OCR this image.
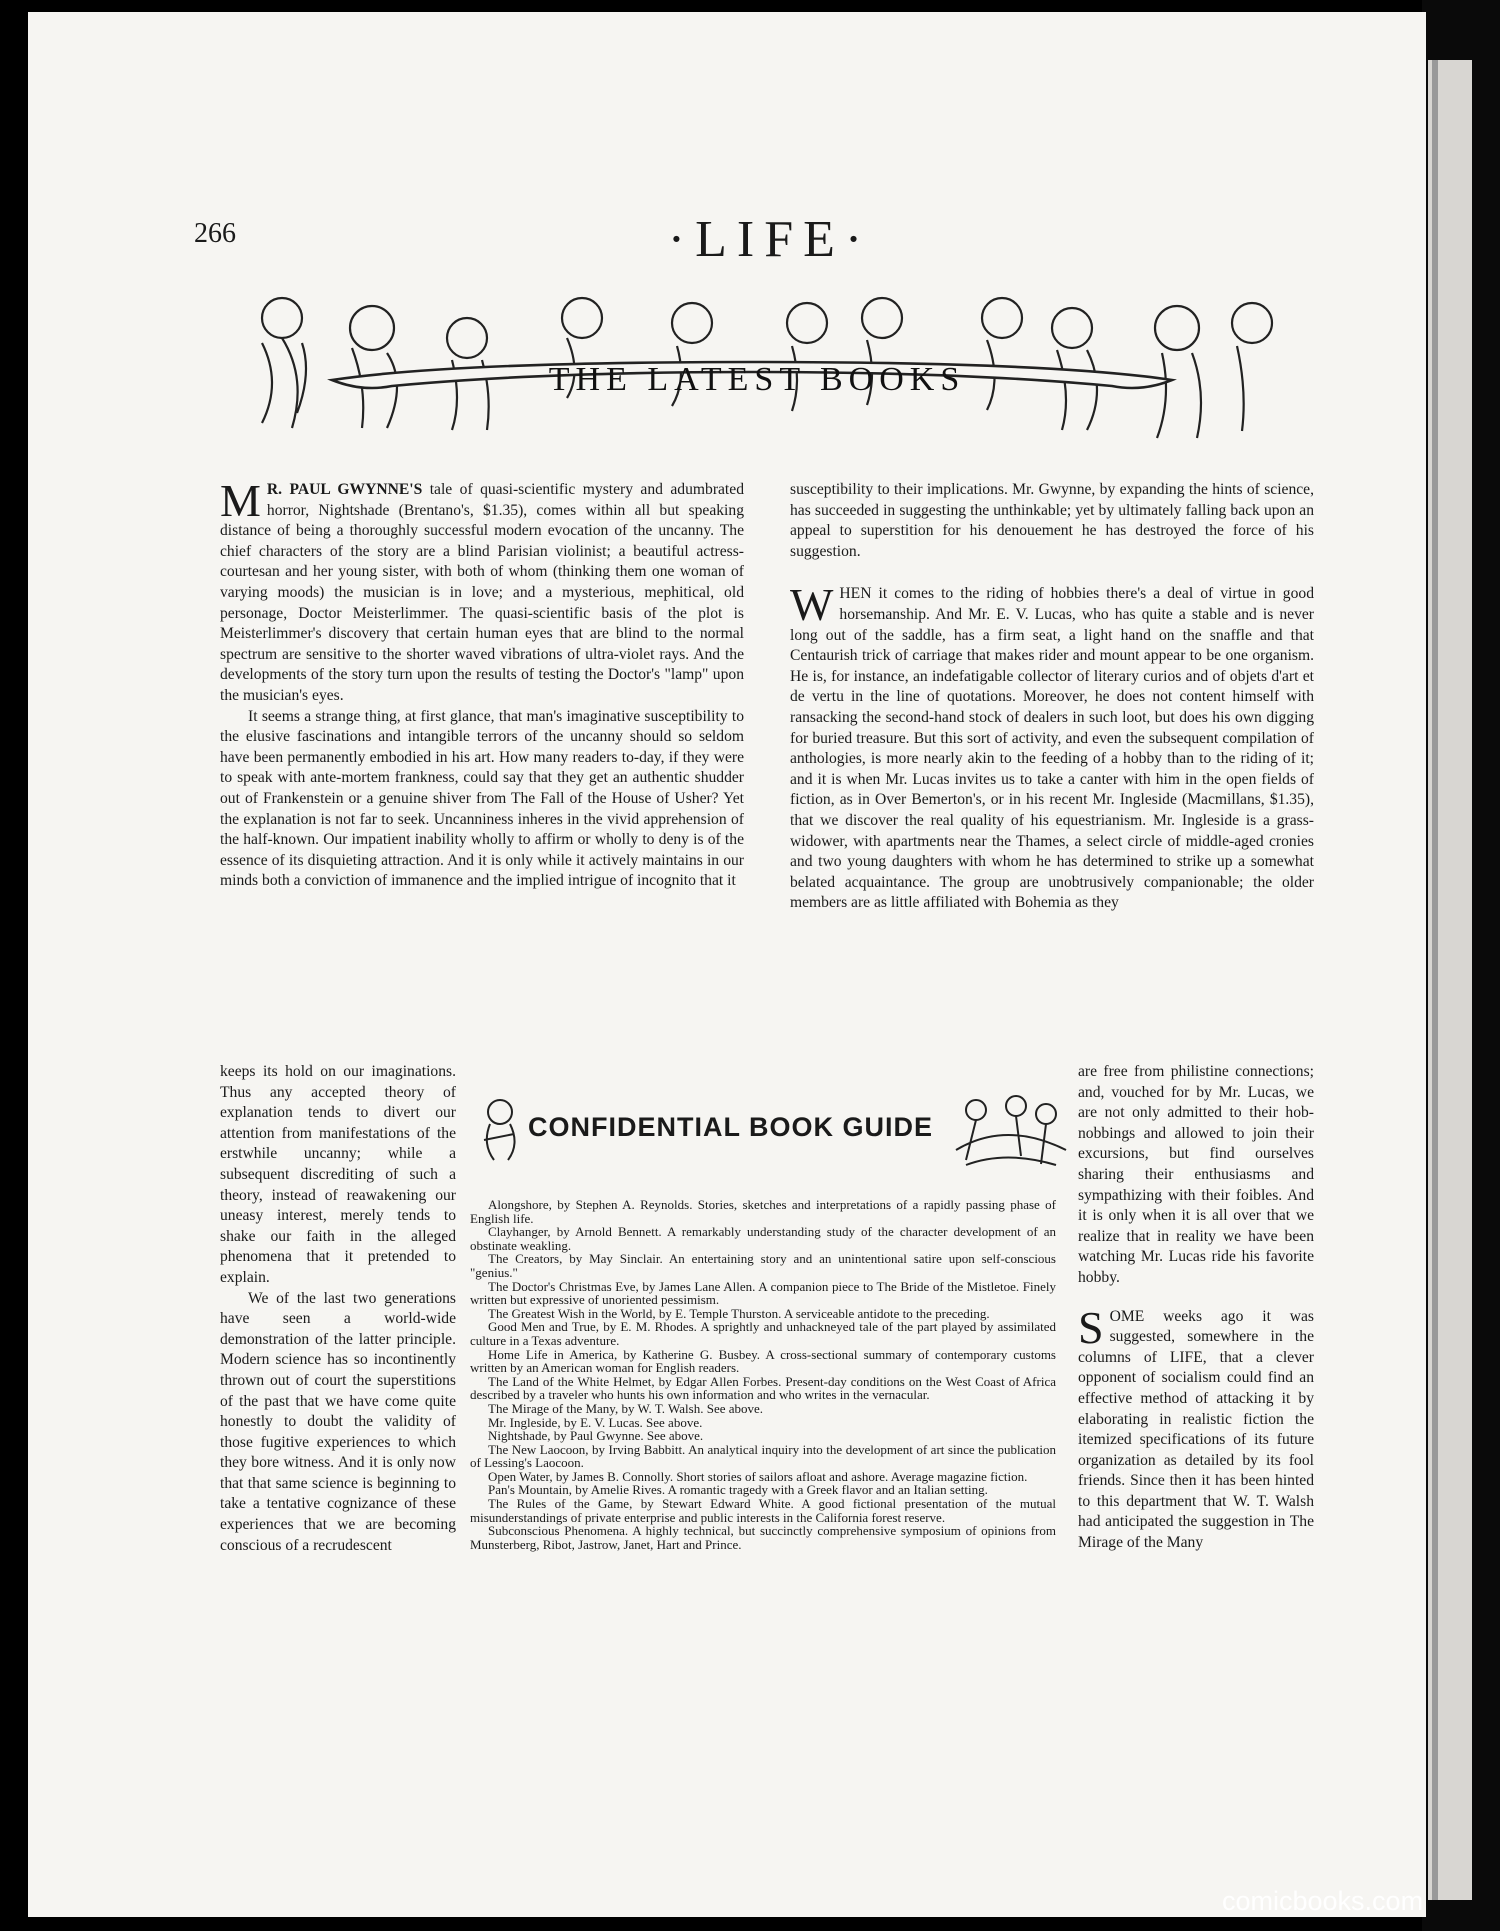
266	·LIFE·
THE LATEST BOOKS

M R. PAUL GWYNNE'S tale of quasi-scientific mystery and adumbrated horror, Nightshade (Brentano's, $1.35), comes within all but speaking distance of being a thoroughly successful modern evocation of the uncanny. The chief characters of the story are a blind Parisian violinist; a beautiful actress-courtesan and her young sister, with both of whom (thinking them one woman of varying moods) the musician is in love; and a mysterious, mephitical, old personage, Doctor Meisterlimmer. The quasi-scientific basis of the plot is Meisterlimmer's discovery that certain human eyes that are blind to the normal spectrum are sensitive to the shorter waved vibrations of ultra-violet rays. And the developments of the story turn upon the results of testing the Doctor's "lamp" upon the musician's eyes.

It seems a strange thing, at first glance, that man's imaginative susceptibility to the elusive fascinations and intangible terrors of the uncanny should so seldom have been permanently embodied in his art. How many readers to-day, if they were to speak with ante-mortem frankness, could say that they get an authentic shudder out of Frankenstein or a genuine shiver from The Fall of the House of Usher? Yet the explanation is not far to seek. Uncanniness inheres in the vivid apprehension of the half-known. Our impatient inability wholly to affirm or wholly to deny is of the essence of its disquieting attraction. And it is only while it actively maintains in our minds both a conviction of immanence and the implied intrigue of incognito that it

keeps its hold on our imaginations. Thus any accepted theory of explanation tends to divert our attention from manifestations of the erstwhile uncanny; while a subsequent discrediting of such a theory, instead of reawakening our uneasy interest, merely tends to shake our faith in the alleged phenomena that it pretended to explain.

We of the last two generations have seen a world-wide demonstration of the latter principle. Modern science has so incontinently thrown out of court the superstitions of the past that we have come quite honestly to doubt the validity of those fugitive experiences to which they bore witness. And it is only now that that same science is beginning to take a tentative cognizance of these experiences that we are becoming conscious of a recrudescent

susceptibility to their implications. Mr. Gwynne, by expanding the hints of science, has succeeded in suggesting the unthinkable; yet by ultimately falling back upon an appeal to superstition for his denouement he has destroyed the force of his suggestion.

WHEN it comes to the riding of hobbies there's a deal of virtue in good horsemanship. And Mr. E. V. Lucas, who has quite a stable and is never long out of the saddle, has a firm seat, a light hand on the snaffle and that Centaurish trick of carriage that makes rider and mount appear to be one organism. He is, for instance, an indefatigable collector of literary curios and of objets d'art et de vertu in the line of quotations. Moreover, he does not content himself with ransacking the second-hand stock of dealers in such loot, but does his own digging for buried treasure. But this sort of activity, and even the subsequent compilation of anthologies, is more nearly akin to the feeding of a hobby than to the riding of it; and it is when Mr. Lucas invites us to take a canter with him in the open fields of fiction, as in Over Bemerton's, or in his recent Mr. Ingleside (Macmillans, $1.35), that we discover the real quality of his equestrianism. Mr. Ingleside is a grass-widower, with apartments near the Thames, a select circle of middle-aged cronies and two young daughters with whom he has determined to strike up a somewhat belated acquaintance. The group are unobtrusively companionable; the older members are as little affiliated with Bohemia as they

are free from philistine connections; and, vouched for by Mr. Lucas, we are not only admitted to their hob-nobbings and allowed to join their excursions, but find ourselves sharing their enthusiasms and sympathizing with their foibles. And it is only when it is all over that we realize that in reality we have been watching Mr. Lucas ride his favorite hobby.

SOME weeks ago it was suggested, somewhere in the columns of LIFE, that a clever opponent of socialism could find an effective method of attacking it by elaborating in realistic fiction the itemized specifications of its future organization as detailed by its fool friends. Since then it has been hinted to this department that W. T. Walsh had anticipated the suggestion in The Mirage of the Many

CONFIDENTIAL BOOK GUIDE
Alongshore, by Stephen A. Reynolds. Stories, sketches and interpretations of a rapidly passing phase of English life.
Clayhanger, by Arnold Bennett. A remarkably understanding study of the character development of an obstinate weakling.
The Creators, by May Sinclair. An entertaining story and an unintentional satire upon self-conscious "genius."
The Doctor's Christmas Eve, by James Lane Allen. A companion piece to The Bride of the Mistletoe. Finely written but expressive of unoriented pessimism.
The Greatest Wish in the World, by E. Temple Thurston. A serviceable antidote to the preceding.
Good Men and True, by E. M. Rhodes. A sprightly and unhackneyed tale of the part played by assimilated culture in a Texas adventure.
Home Life in America, by Katherine G. Busbey. A cross-sectional summary of contemporary customs written by an American woman for English readers.
The Land of the White Helmet, by Edgar Allen Forbes. Present-day conditions on the West Coast of Africa described by a traveler who hunts his own information and who writes in the vernacular.
The Mirage of the Many, by W. T. Walsh. See above.
Mr. Ingleside, by E. V. Lucas. See above.
Nightshade, by Paul Gwynne. See above.
The New Laocoon, by Irving Babbitt. An analytical inquiry into the development of art since the publication of Lessing's Laocoon.
Open Water, by James B. Connolly. Short stories of sailors afloat and ashore. Average magazine fiction.
Pan's Mountain, by Amelie Rives. A romantic tragedy with a Greek flavor and an Italian setting.
The Rules of the Game, by Stewart Edward White. A good fictional presentation of the mutual misunderstandings of private enterprise and public interests in the California forest reserve.
Subconscious Phenomena. A highly technical, but succinctly comprehensive symposium of opinions from Munsterberg, Ribot, Jastrow, Janet, Hart and Prince.
comicbooks.com
